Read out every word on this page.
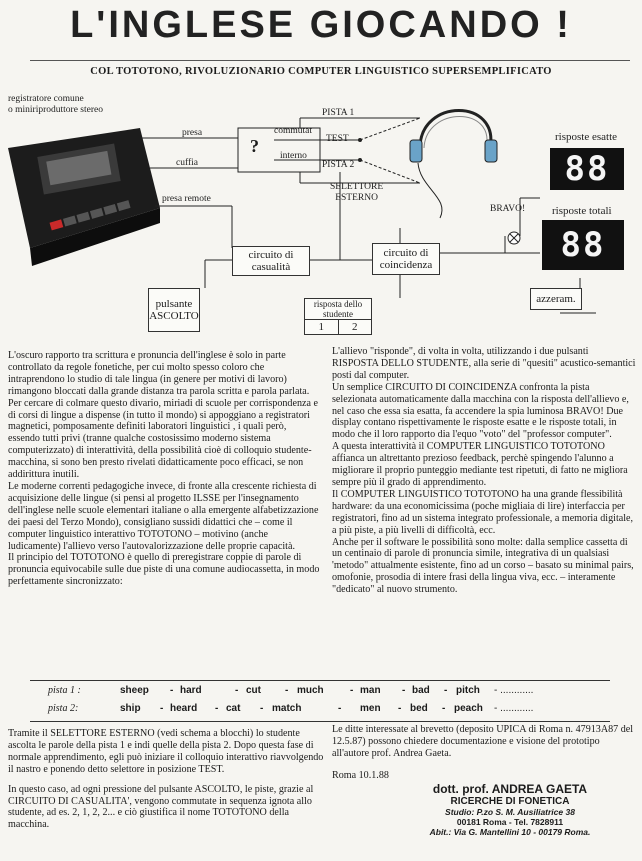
L'INGLESE GIOCANDO !
COL TOTOTONO, RIVOLUZIONARIO COMPUTER LINGUISTICO SUPERSEMPLIFICATO
registratore comune
o miniriproduttore stereo
presa
cuffia
presa remote
?
commutat
interno
TEST
PISTA 1
PISTA 2
SELETTORE
ESTERNO
BRAVO!
risposte esatte
88
risposte totali
88
circuito di
casualità
circuito di
coincidenza
pulsante
ASCOLTO
risposta dello
studente
1	2
azzeram.

L'oscuro rapporto tra scrittura e pronuncia dell'inglese è solo in parte controllato da regole fonetiche, per cui molto spesso coloro che intraprendono lo studio di tale lingua (in genere per motivi di lavoro) rimangono bloccati dalla grande distanza tra parola scritta e parola parlata.

Per cercare di colmare questo divario, miriadi di scuole per corrispondenza e di corsi di lingue a dispense (in tutto il mondo) si appoggiano a registratori magnetici, pomposamente definiti laboratori linguistici , i quali però, essendo tutti privi (tranne qualche costosissimo moderno sistema computerizzato) di interattività, della possibilità cioè di colloquio studente-macchina, si sono ben presto rivelati didatticamente poco efficaci, se non addirittura inutili.

Le moderne correnti pedagogiche invece, di fronte alla crescente richiesta di acquisizione delle lingue (si pensi al progetto ILSSE per l'insegnamento dell'inglese nelle scuole elementari italiane o alla emergente alfabetizzazione dei paesi del Terzo Mondo), consigliano sussidi didattici che – come il computer linguistico interattivo TOTOTONO – motivino (anche ludicamente) l'allievo verso l'autovalorizzazione delle proprie capacità.

Il principio del TOTOTONO è quello di preregistrare coppie di parole di pronuncia equivocabile sulle due piste di una comune audiocassetta, in modo perfettamente sincronizzato:

L'allievo "risponde", di volta in volta, utilizzando i due pulsanti RISPOSTA DELLO STUDENTE, alla serie di "quesiti" acustico-semantici posti dal computer.

Un semplice CIRCUITO DI COINCIDENZA confronta la pista selezionata automaticamente dalla macchina con la risposta dell'allievo e, nel caso che essa sia esatta, fa accendere la spia luminosa BRAVO! Due display contano rispettivamente le risposte esatte e le risposte totali, in modo che il loro rapporto dia l'equo "voto" del "professor computer".

A questa interattività il COMPUTER LINGUISTICO TOTOTONO affianca un altrettanto prezioso feedback, perchè spingendo l'alunno a migliorare il proprio punteggio mediante test ripetuti, di fatto ne migliora sempre più il grado di apprendimento.

Il COMPUTER LINGUISTICO TOTOTONO ha una grande flessibilità hardware: da una economicissima (poche migliaia di lire) interfaccia per registratori, fino ad un sistema integrato professionale, a memoria digitale, a più piste, a più livelli di difficoltà, ecc.

Anche per il software le possibilità sono molte: dalla semplice cassetta di un centinaio di parole di pronuncia simile, integrativa di un qualsiasi 'metodo" attualmente esistente, fino ad un corso – basato su minimal pairs, omofonie, prosodia di intere frasi della lingua viva, ecc. – interamente "dedicato" al nuovo strumento.

pista 1 :	sheep - hard	- cut - much	- man - bad - pitch - ............
pista 2:	ship - heard - cat - match	- men - bed - peach - ............

Tramite il SELETTORE ESTERNO (vedi schema a blocchi) lo studente ascolta le parole della pista 1 e indi quelle della pista 2. Dopo questa fase di normale apprendimento, egli può iniziare il colloquio interattivo riavvolgendo il nastro e ponendo detto selettore in posizione TEST.

In questo caso, ad ogni pressione del pulsante ASCOLTO, le piste, grazie al CIRCUITO DI CASUALITA', vengono commutate in sequenza ignota allo studente, ad es. 2, 1, 2, 2... e ciò giustifica il nome TOTOTONO della macchina.

Le ditte interessate al brevetto (deposito UPICA di Roma n. 47913A87 del 12.5.87) possono chiedere documentazione e visione del prototipo all'autore prof. Andrea Gaeta.

Roma 10.1.88

dott. prof. ANDREA GAETA
RICERCHE DI FONETICA
Studio: P.zo S. M. Ausiliatrice 38
00181 Roma - Tel. 7828911
Abit.: Via G. Mantellini 10 - 00179 Roma.
